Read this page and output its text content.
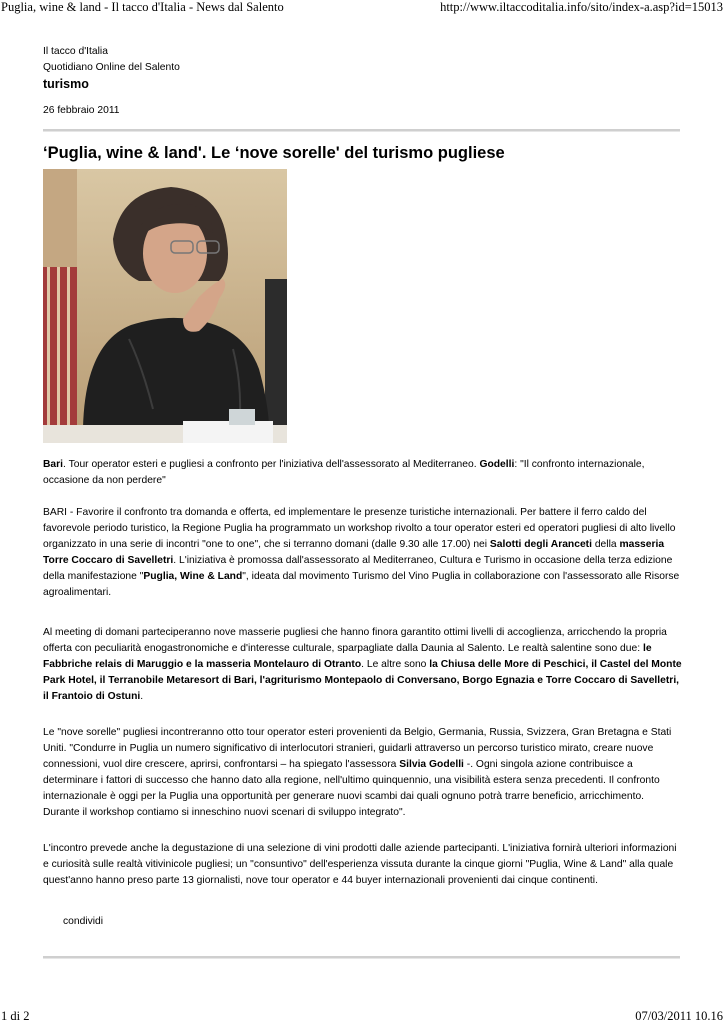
Puglia, wine & land - Il tacco d'Italia - News dal Salento	http://www.iltaccoditalia.info/sito/index-a.asp?id=15013
Il tacco d'Italia
Quotidiano Online del Salento
turismo
26 febbraio 2011
‘Puglia, wine & land'. Le ‘nove sorelle' del turismo pugliese

Bari. Tour operator esteri e pugliesi a confronto per l'iniziativa dell'assessorato al Mediterraneo. Godelli: "Il confronto internazionale, occasione da non perdere"

BARI - Favorire il confronto tra domanda e offerta, ed implementare le presenze turistiche internazionali. Per battere il ferro caldo del favorevole periodo turistico, la Regione Puglia ha programmato un workshop rivolto a tour operator esteri ed operatori pugliesi di alto livello organizzato in una serie di incontri "one to one", che si terranno domani (dalle 9.30 alle 17.00) nei Salotti degli Aranceti della masseria Torre Coccaro di Savelletri. L'iniziativa è promossa dall'assessorato al Mediterraneo, Cultura e Turismo in occasione della terza edizione della manifestazione "Puglia, Wine & Land", ideata dal movimento Turismo del Vino Puglia in collaborazione con l'assessorato alle Risorse agroalimentari.

Al meeting di domani parteciperanno nove masserie pugliesi che hanno finora garantito ottimi livelli di accoglienza, arricchendo la propria offerta con peculiarità enogastronomiche e d'interesse culturale, sparpagliate dalla Daunia al Salento. Le realtà salentine sono due: le Fabbriche relais di Maruggio e la masseria Montelauro di Otranto. Le altre sono la Chiusa delle More di Peschici, il Castel del Monte Park Hotel, il Terranobile Metaresort di Bari, l'agriturismo Montepaolo di Conversano, Borgo Egnazia e Torre Coccaro di Savelletri, il Frantoio di Ostuni.

Le "nove sorelle" pugliesi incontreranno otto tour operator esteri provenienti da Belgio, Germania, Russia, Svizzera, Gran Bretagna e Stati Uniti. "Condurre in Puglia un numero significativo di interlocutori stranieri, guidarli attraverso un percorso turistico mirato, creare nuove connessioni, vuol dire crescere, aprirsi, confrontarsi – ha spiegato l'assessora Silvia Godelli -. Ogni singola azione contribuisce a determinare i fattori di successo che hanno dato alla regione, nell'ultimo quinquennio, una visibilità estera senza precedenti. Il confronto internazionale è oggi per la Puglia una opportunità per generare nuovi scambi dai quali ognuno potrà trarre beneficio, arricchimento. Durante il workshop contiamo si inneschino nuovi scenari di sviluppo integrato".

L'incontro prevede anche la degustazione di una selezione di vini prodotti dalle aziende partecipanti. L'iniziativa fornirà ulteriori informazioni e curiosità sulle realtà vitivinicole pugliesi; un "consuntivo" dell'esperienza vissuta durante la cinque giorni "Puglia, Wine & Land" alla quale quest'anno hanno preso parte 13 giornalisti, nove tour operator e 44 buyer internazionali provenienti dai cinque continenti.

condividi
1 di 2	07/03/2011 10.16
